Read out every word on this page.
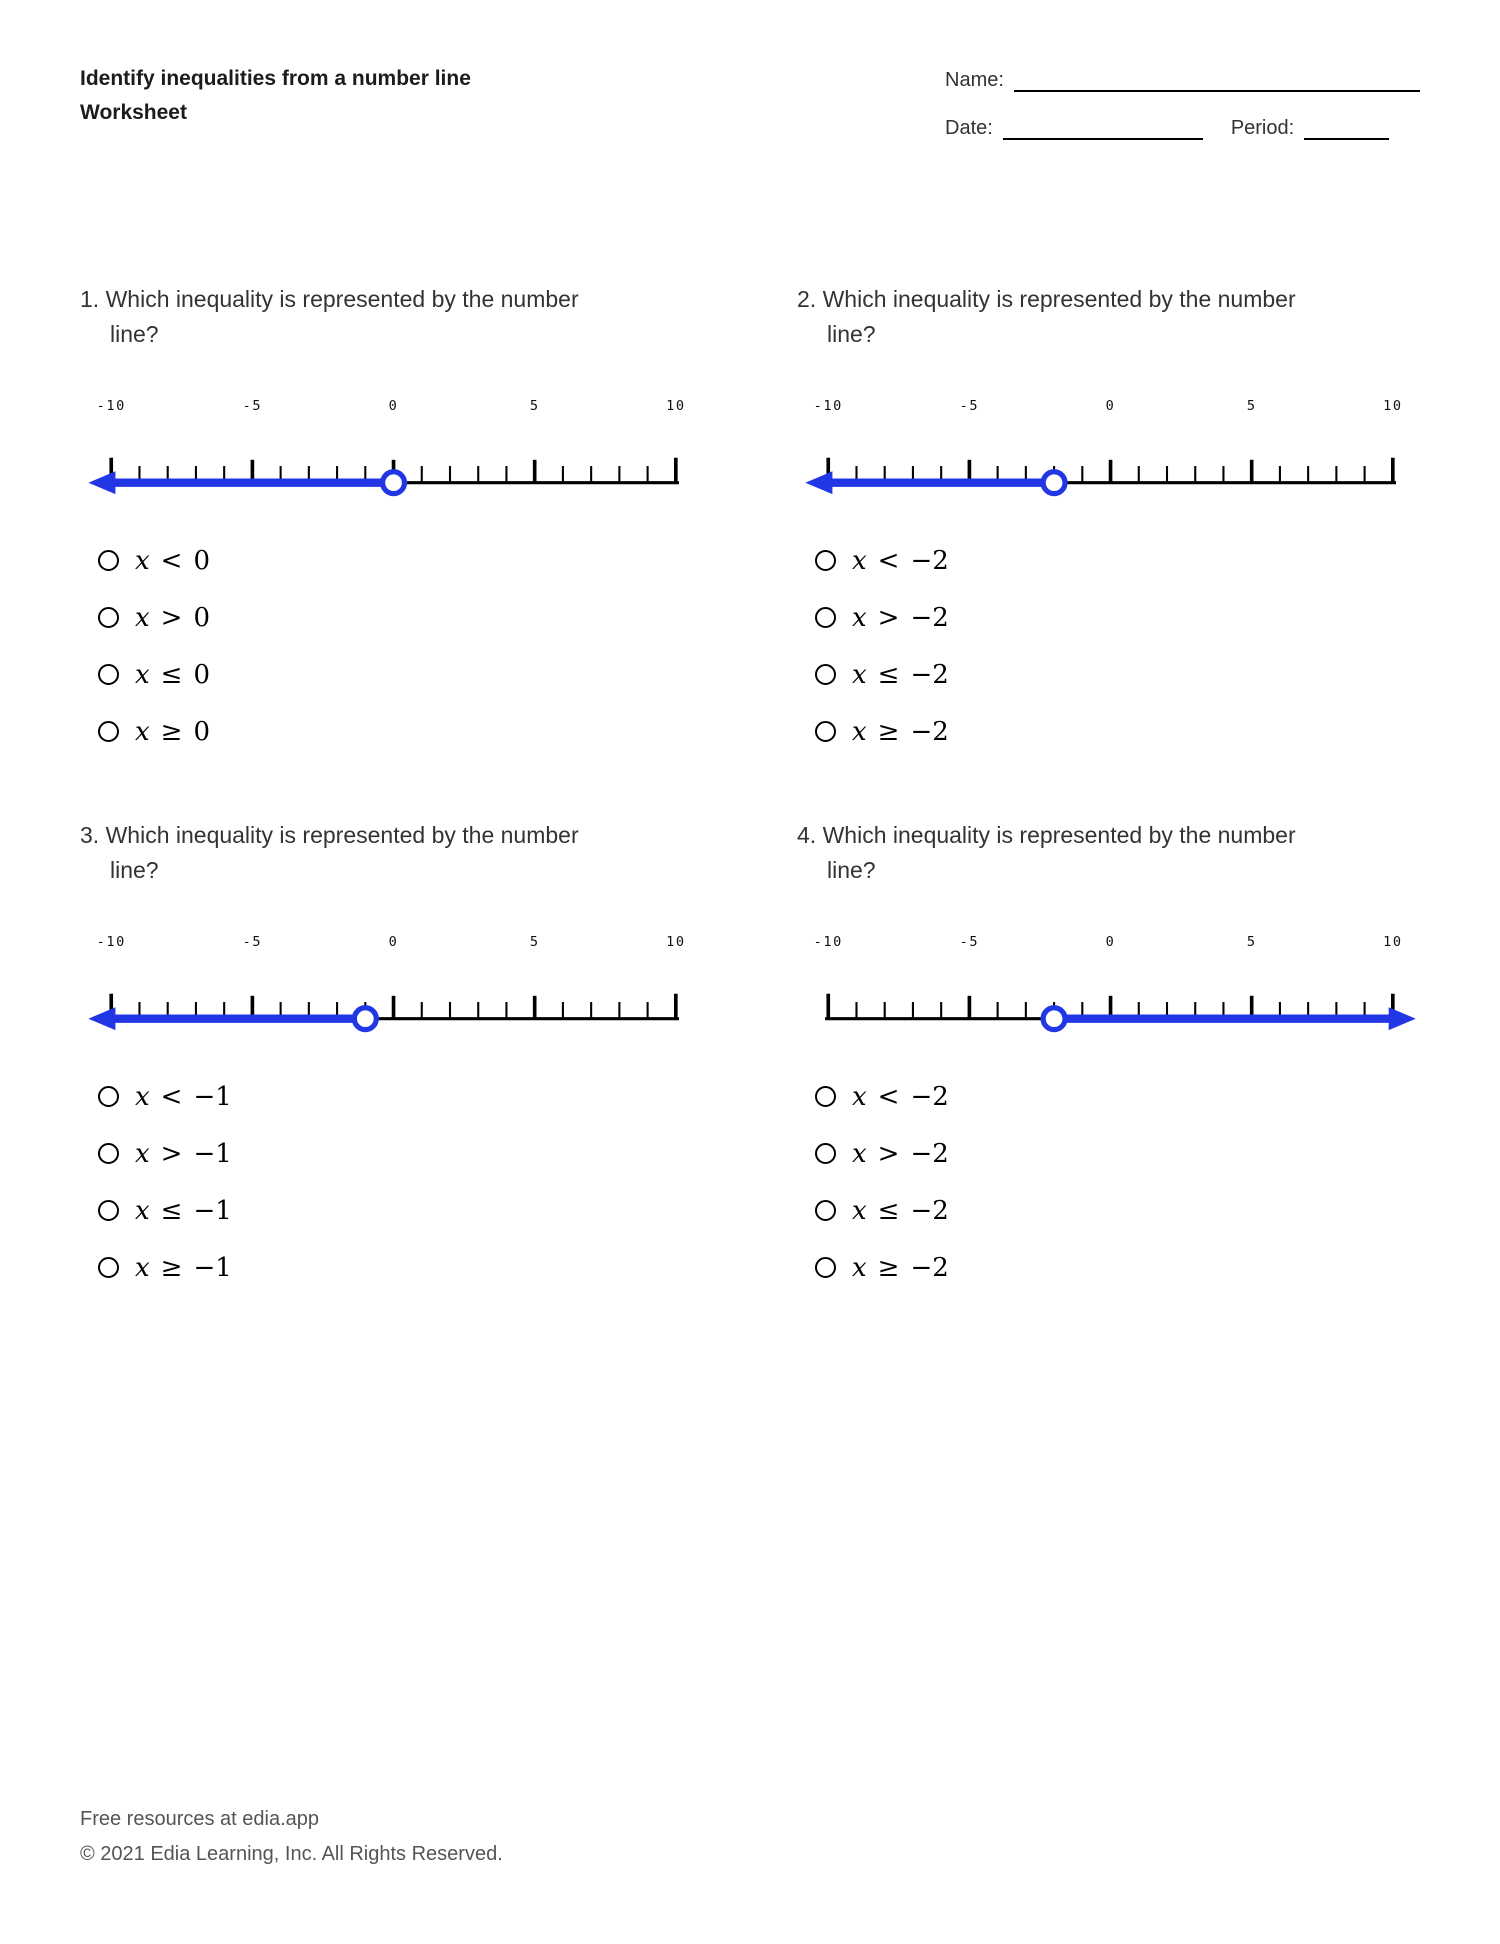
Identify inequalities from a number line
Worksheet
Name:
Date:	Period:
1. Which inequality is represented by the number
line?
-10	-5	0	5	10
x < 0
x > 0
x ≤ 0
x ≥ 0
2. Which inequality is represented by the number
line?
-10	-5	0	5	10
x < −2
x > −2
x ≤ −2
x ≥ −2
3. Which inequality is represented by the number
line?
-10	-5	0	5	10
x < −1
x > −1
x ≤ −1
x ≥ −1
4. Which inequality is represented by the number
line?
-10	-5	0	5	10
x < −2
x > −2
x ≤ −2
x ≥ −2
Free resources at edia.app
© 2021 Edia Learning, Inc. All Rights Reserved.
